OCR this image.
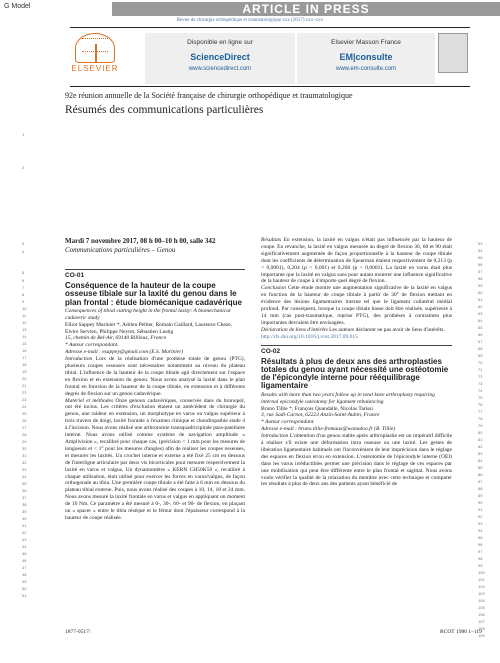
G Model	ARTICLE IN PRESS
Revue de chirurgie orthopédique et traumatologique xxx (2017) xxx–xxx
ELSEVIER
Disponible en ligne sur
ScienceDirect
www.sciencedirect.com
Elsevier Masson France
EM|consulte
www.em-consulte.com
92e réunion annuelle de la Société française de chirurgie orthopédique et traumatologique
Résumés des communications particulières
1
2
3
4
5
6
7
8
9
10
11
12
13
14
15
16
17
18
19
20
21
22
23
24
25
26
27
28
29
30
31
32
33
34
35
36
37
38
39
40
41
42
43
44
45
46
47
48
49
50
51
53
54
55
56
57
58
59
60
61
62
63
64
65
66
67
68
69
70
71
72
73
74
75
76
77
78
79
80
81
82
83
84
85
86
87
88
89
90
91
92
93
94
95
96
97
98
99
100
101
102
103
104
105
106
107
108
109
Mardi 7 novembre 2017, 08 h 00–10 h 00, salle 342
Communications particulières – Genou
CO-01
Conséquence de la hauteur de la coupe osseuse tibiale sur la laxité du genou dans le plan frontal : étude biomécanique cadavérique
Consequences of tibial cutting height in the frontal laxity: A biomechanical cadaveric study
Elliot Sappey Marinier *, Adrien Peltier, Romain Gaillard, Laurence Cheze, Elvire Servien, Philippe Neyret, Sébastien Lustig
15, chemin de Bel-Air, 69140 Rillieux, France
* Auteur correspondant.
Adresse e-mail : esappey@gmail.com (E.S. Marinier)
Introduction Lors de la réalisation d'une prothèse totale de genou (PTG), plusieurs coupes osseuses sont nécessaires notamment au niveau du plateau tibial. L'influence de la hauteur de la coupe tibiale agit directement sur l'espace en flexion et en extension du genou. Nous avons analysé la laxité dans le plan frontal en fonction de la hauteur de la coupe tibiale, en extension et à différents degrés de flexion sur un genou cadavérique.
Matériel et méthodes Onze genoux cadavériques, conservés dans du bronopol, ont été inclus. Les critères d'exclusion étaient un antécédent de chirurgie du genou, une raideur en extension, un morphotype en varus ou valgus supérieur à trois travers de doigt, laxité frontale à l'examen clinique et chondropathie stade 4 à l'incision. Nous avons réalisé une arthrotomie transquadricipitale para-patellaire interne. Nous avons utilisé comme système de navigation amplitude « Amplivision », recalibré pour chaque cas, (précision < 1 mm pour les mesures de longueurs et < 1° pour les mesures d'angles) afin de réaliser les coupes osseuses, et mesurer les laxités. Un crochet interne et externe a été fixé 25 cm en dessous de l'interligne articulaire par deux vis bicorticales pour mesurer respectivement la laxité en varus et valgus. Un dynamomètre « KERN CH50K50 », recalibré à chaque utilisation, était utilisé pour exercer les forces en varus/valgus, de façon orthogonale au tibia. Une première coupe tibiale a été faite à 6 mm en dessous du plateau tibial externe. Puis, nous avons réalisé des coupes à 10, 14, 18 et 24 mm. Nous avons mesuré la laxité frontale en varus et valgus en appliquant un moment de 10 Nm. Ce paramètre a été mesuré à 0-, 30-, 60- et 90- de flexion, en plaçant un « spacer » entre le tibia réséqué et le fémur dont l'épaisseur correspond à la hauteur de coupe réalisée.
Résultats En extension, la laxité en valgus n'était pas influencée par la hauteur de coupe. En revanche, la laxité en valgus mesurée au degré de flexion 30, 60 et 90 était significativement augmentée de façon proportionnelle à la hauteur de coupe tibiale dont les coefficients de détermination de Spearman étaient respectivement de 0,213 (p < 0,0001), 0,204 (p < 0,001) et 0,268 (p < 0,0001). La laxité en varus était plus importante que la laxité en valgus sans pour autant montrer une influence significative de la hauteur de coupe à n'importe quel degré de flexion.
Conclusion Cette étude montre une augmentation significative de la laxité en valgus en fonction de la hauteur de coupe tibiale à partir de 30° de flexion mettant en évidence des lésions ligamentaires interne tel que le ligament collatéral médial profond. Par conséquent, lorsque la coupe tibiale basse doit être réalisée, supérieure à 14 mm (cas post-traumatique, reprise PTG), des prothèses à contraintes plus importantes devraient être envisagées.
Déclaration de liens d'intérêts Les auteurs déclarent ne pas avoir de liens d'intérêts.
http://dx.doi.org/10.1016/j.rcot.2017.09.015
CO-02
Résultats à plus de deux ans des arthroplasties totales du genou ayant nécessité une ostéotomie de l'épicondyle interne pour rééquilibrage ligamentaire
Results with more than two years follow up in total knee arthroplasty requiring internal epicondyle osteotomy for ligament rebalancing
Bruno Tillie *, François Quandalle, Nicolas Tarissi
3, rue Sadi-Carnot, 62223 Anzin-Saint-Aubin, France
* Auteur correspondant.
Adresse e-mail : bruno.tillie-fremaux@wanadoo.fr (B. Tillie)
Introduction L'obtention d'un genou stable après arthroplastie est un impératif difficile à réaliser s'il existe une déformation intra osseuse ou une laxité. Les gestes de libération ligamentaire habituels ont l'inconvénient de leur imprécision dans le réglage des espaces en flexion et/ou en extension. L'ostéotomie de l'épicondyle interne (OEI) dans les varus irréductibles permet une précision dans le réglage de ces espaces par une mobilisation qui peut être différente entre le plan frontal et sagittal. Nous avons voulu vérifier la qualité de la relaxation du membre avec cette technique et comparer les résultats à plus de deux ans des patients ayant bénéficié de
1877-0517/	RCOT 1980 1–119
